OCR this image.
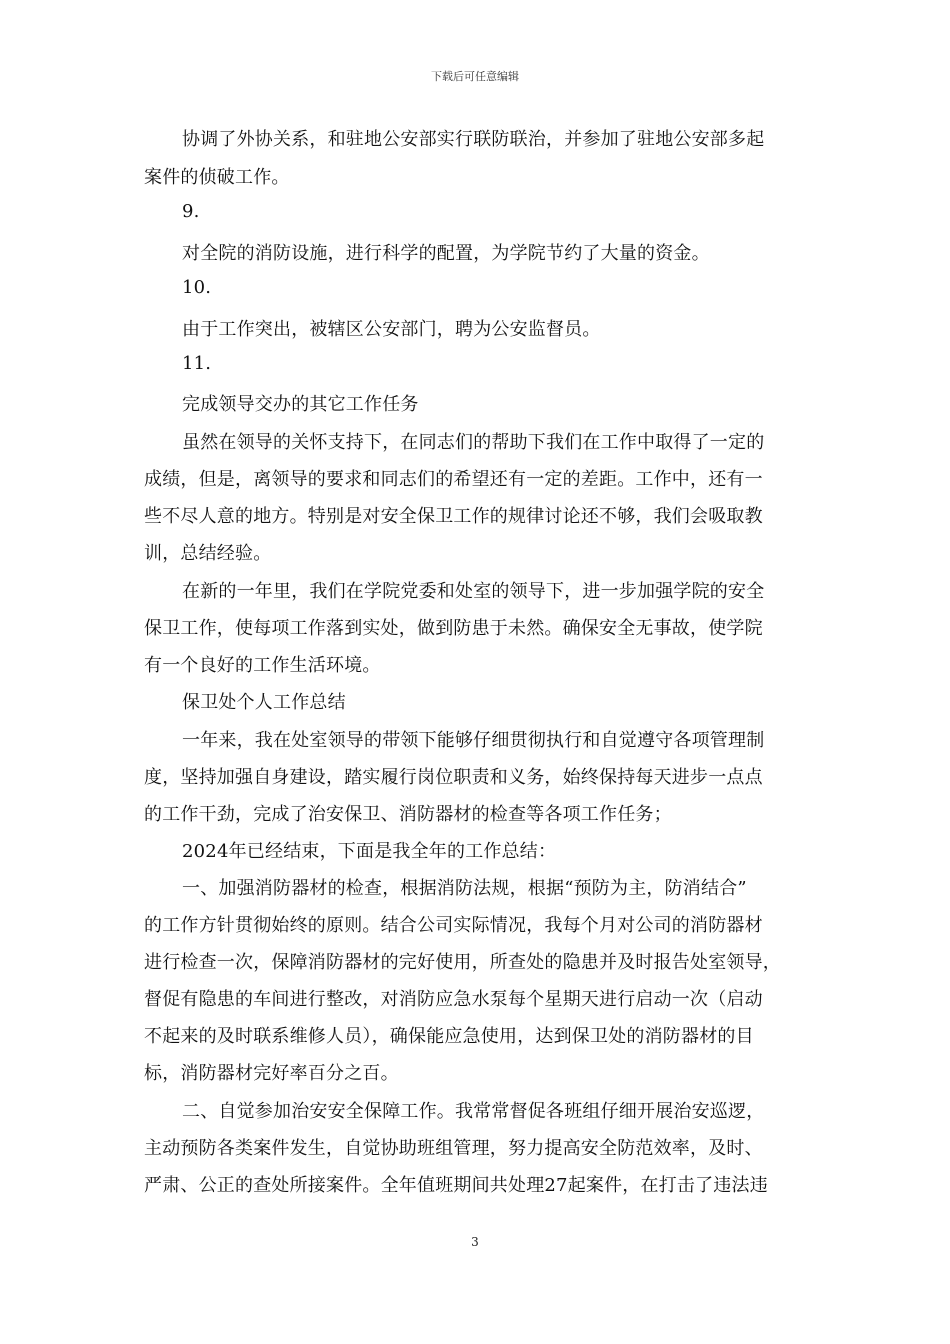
下载后可任意编辑
协调了外协关系，和驻地公安部实行联防联治，并参加了驻地公安部多起
案件的侦破工作。
9.
对全院的消防设施，进行科学的配置，为学院节约了大量的资金。
10.
由于工作突出，被辖区公安部门，聘为公安监督员。
11.
完成领导交办的其它工作任务
虽然在领导的关怀支持下，在同志们的帮助下我们在工作中取得了一定的
成绩，但是，离领导的要求和同志们的希望还有一定的差距。工作中，还有一
些不尽人意的地方。特别是对安全保卫工作的规律讨论还不够，我们会吸取教
训，总结经验。
在新的一年里，我们在学院党委和处室的领导下，进一步加强学院的安全
保卫工作，使每项工作落到实处，做到防患于未然。确保安全无事故，使学院
有一个良好的工作生活环境。
保卫处个人工作总结
一年来，我在处室领导的带领下能够仔细贯彻执行和自觉遵守各项管理制
度，坚持加强自身建设，踏实履行岗位职责和义务，始终保持每天进步一点点
的工作干劲，完成了治安保卫、消防器材的检查等各项工作任务；
2024年已经结束，下面是我全年的工作总结：
一、加强消防器材的检查，根据消防法规，根据“预防为主，防消结合”
的工作方针贯彻始终的原则。结合公司实际情况，我每个月对公司的消防器材
进行检查一次，保障消防器材的完好使用，所查处的隐患并及时报告处室领导，
督促有隐患的车间进行整改，对消防应急水泵每个星期天进行启动一次（启动
不起来的及时联系维修人员），确保能应急使用，达到保卫处的消防器材的目
标，消防器材完好率百分之百。
二、自觉参加治安安全保障工作。我常常督促各班组仔细开展治安巡逻，
主动预防各类案件发生，自觉协助班组管理，努力提高安全防范效率，及时、
严肃、公正的查处所接案件。全年值班期间共处理27起案件，在打击了违法违
3
